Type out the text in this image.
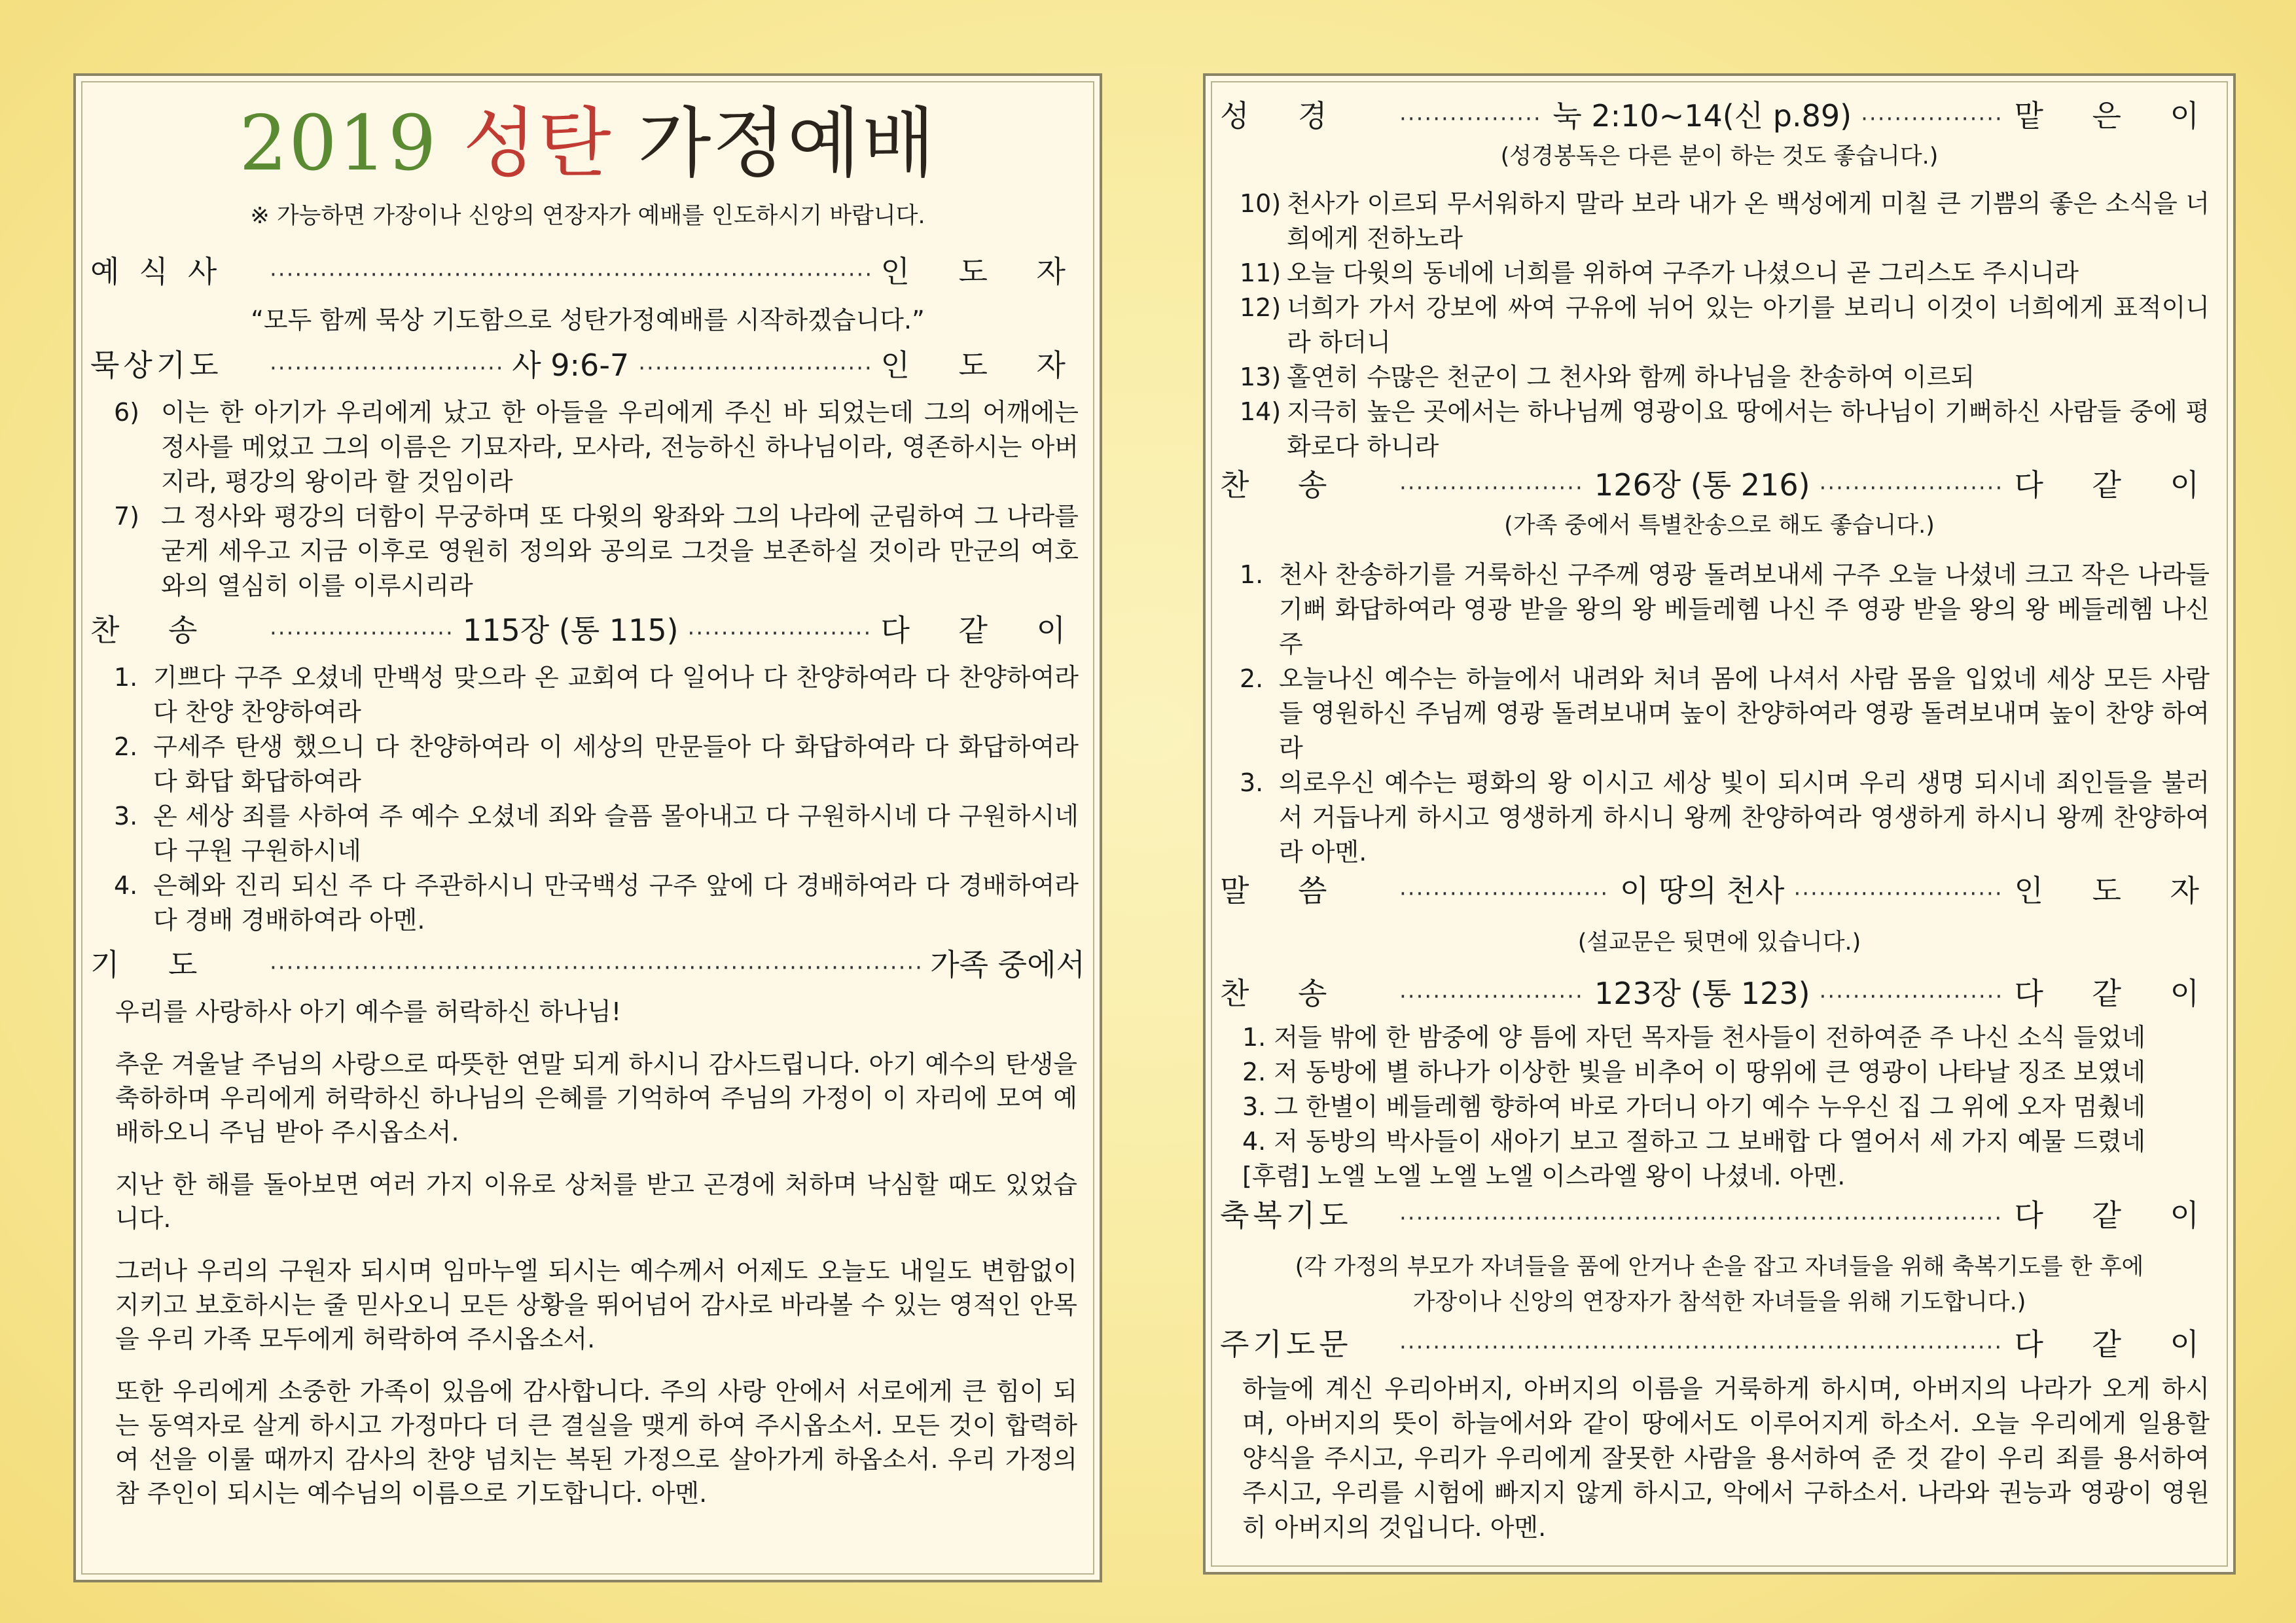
2019 성탄 가정예배
※ 가능하면 가장이나 신앙의 연장자가 예배를 인도하시기 바랍니다.
예식사 ·····	인 도 자
“모두 함께 묵상 기도함으로 성탄가정예배를 시작하겠습니다.”
묵상기도 ·····	사 9:6-7 ·····	인 도 자
6) 이는 한 아기가 우리에게 났고 한 아들을 우리에게 주신 바 되었는데 그의 어깨에는 정사를 메었고 그의 이름은 기묘자라, 모사라, 전능하신 하나님이라, 영존하시는 아버지라, 평강의 왕이라 할 것임이라
7) 그 정사와 평강의 더함이 무궁하며 또 다윗의 왕좌와 그의 나라에 군림하여 그 나라를 굳게 세우고 지금 이후로 영원히 정의와 공의로 그것을 보존하실 것이라 만군의 여호와의 열심히 이를 이루시리라
찬 송 ·····	115장 (통 115) ·····	다 같 이
1. 기쁘다 구주 오셨네 만백성 맞으라 온 교회여 다 일어나 다 찬양하여라 다 찬양하여라 다 찬양 찬양하여라
2. 구세주 탄생 했으니 다 찬양하여라 이 세상의 만문들아 다 화답하여라 다 화답하여라 다 화답 화답하여라
3. 온 세상 죄를 사하여 주 예수 오셨네 죄와 슬픔 몰아내고 다 구원하시네 다 구원하시네 다 구원 구원하시네
4. 은혜와 진리 되신 주 다 주관하시니 만국백성 구주 앞에 다 경배하여라 다 경배하여라 다 경배 경배하여라 아멘.
기 도 ·····	가족 중에서

우리를 사랑하사 아기 예수를 허락하신 하나님!

추운 겨울날 주님의 사랑으로 따뜻한 연말 되게 하시니 감사드립니다. 아기 예수의 탄생을 축하하며 우리에게 허락하신 하나님의 은혜를 기억하여 주님의 가정이 이 자리에 모여 예배하오니 주님 받아 주시옵소서.

지난 한 해를 돌아보면 여러 가지 이유로 상처를 받고 곤경에 처하며 낙심할 때도 있었습니다.

그러나 우리의 구원자 되시며 임마누엘 되시는 예수께서 어제도 오늘도 내일도 변함없이 지키고 보호하시는 줄 믿사오니 모든 상황을 뛰어넘어 감사로 바라볼 수 있는 영적인 안목을 우리 가족 모두에게 허락하여 주시옵소서.

또한 우리에게 소중한 가족이 있음에 감사합니다. 주의 사랑 안에서 서로에게 큰 힘이 되는 동역자로 살게 하시고 가정마다 더 큰 결실을 맺게 하여 주시옵소서. 모든 것이 합력하여 선을 이룰 때까지 감사의 찬양 넘치는 복된 가정으로 살아가게 하옵소서. 우리 가정의 참 주인이 되시는 예수님의 이름으로 기도합니다. 아멘.

성 경 ·····	눅 2:10~14(신 p.89) ·····	맡 은 이
(성경봉독은 다른 분이 하는 것도 좋습니다.)
10) 천사가 이르되 무서워하지 말라 보라 내가 온 백성에게 미칠 큰 기쁨의 좋은 소식을 너희에게 전하노라
11) 오늘 다윗의 동네에 너희를 위하여 구주가 나셨으니 곧 그리스도 주시니라
12) 너희가 가서 강보에 싸여 구유에 뉘어 있는 아기를 보리니 이것이 너희에게 표적이니라 하더니
13) 홀연히 수많은 천군이 그 천사와 함께 하나님을 찬송하여 이르되
14) 지극히 높은 곳에서는 하나님께 영광이요 땅에서는 하나님이 기뻐하신 사람들 중에 평화로다 하니라
찬 송 ·····	126장 (통 216) ·····	다 같 이
(가족 중에서 특별찬송으로 해도 좋습니다.)
1. 천사 찬송하기를 거룩하신 구주께 영광 돌려보내세 구주 오늘 나셨네 크고 작은 나라들 기뻐 화답하여라 영광 받을 왕의 왕 베들레헴 나신 주 영광 받을 왕의 왕 베들레헴 나신 주
2. 오늘나신 예수는 하늘에서 내려와 처녀 몸에 나셔서 사람 몸을 입었네 세상 모든 사람들 영원하신 주님께 영광 돌려보내며 높이 찬양하여라 영광 돌려보내며 높이 찬양 하여라
3. 의로우신 예수는 평화의 왕 이시고 세상 빛이 되시며 우리 생명 되시네 죄인들을 불러서 거듭나게 하시고 영생하게 하시니 왕께 찬양하여라 영생하게 하시니 왕께 찬양하여라 아멘.
말 씀 ·····	이 땅의 천사 ·····	인 도 자
(설교문은 뒷면에 있습니다.)
찬 송 ·····	123장 (통 123) ·····	다 같 이
1. 저들 밖에 한 밤중에 양 틈에 자던 목자들 천사들이 전하여준 주 나신 소식 들었네
2. 저 동방에 별 하나가 이상한 빛을 비추어 이 땅위에 큰 영광이 나타날 징조 보였네
3. 그 한별이 베들레헴 향하여 바로 가더니 아기 예수 누우신 집 그 위에 오자 멈췄네
4. 저 동방의 박사들이 새아기 보고 절하고 그 보배합 다 열어서 세 가지 예물 드렸네
[후렴] 노엘 노엘 노엘 노엘 이스라엘 왕이 나셨네. 아멘.
축복기도 ·····	다 같 이
(각 가정의 부모가 자녀들을 품에 안거나 손을 잡고 자녀들을 위해 축복기도를 한 후에
가장이나 신앙의 연장자가 참석한 자녀들을 위해 기도합니다.)
주기도문 ·····	다 같 이
하늘에 계신 우리아버지, 아버지의 이름을 거룩하게 하시며, 아버지의 나라가 오게 하시며, 아버지의 뜻이 하늘에서와 같이 땅에서도 이루어지게 하소서. 오늘 우리에게 일용할 양식을 주시고, 우리가 우리에게 잘못한 사람을 용서하여 준 것 같이 우리 죄를 용서하여 주시고, 우리를 시험에 빠지지 않게 하시고, 악에서 구하소서. 나라와 권능과 영광이 영원히 아버지의 것입니다. 아멘.
